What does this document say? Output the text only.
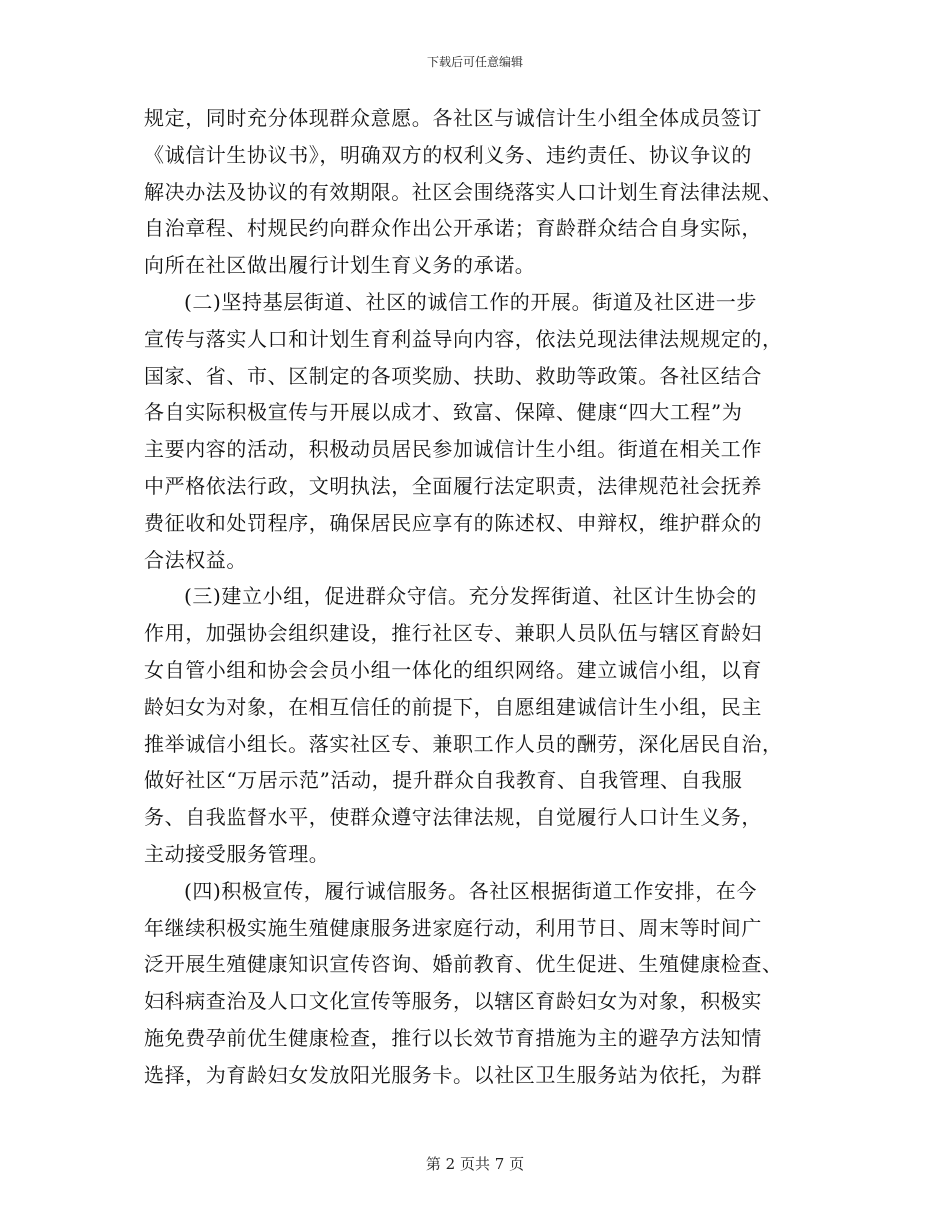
下载后可任意编辑
规定，同时充分体现群众意愿。各社区与诚信计生小组全体成员签订
《诚信计生协议书》，明确双方的权利义务、违约责任、协议争议的
解决办法及协议的有效期限。社区会围绕落实人口计划生育法律法规、
自治章程、村规民约向群众作出公开承诺；育龄群众结合自身实际，
向所在社区做出履行计划生育义务的承诺。
(二)坚持基层街道、社区的诚信工作的开展。街道及社区进一步
宣传与落实人口和计划生育利益导向内容，依法兑现法律法规规定的，
国家、省、市、区制定的各项奖励、扶助、救助等政策。各社区结合
各自实际积极宣传与开展以成才、致富、保障、健康“四大工程”为
主要内容的活动，积极动员居民参加诚信计生小组。街道在相关工作
中严格依法行政，文明执法，全面履行法定职责，法律规范社会抚养
费征收和处罚程序，确保居民应享有的陈述权、申辩权，维护群众的
合法权益。
(三)建立小组，促进群众守信。充分发挥街道、社区计生协会的
作用，加强协会组织建设，推行社区专、兼职人员队伍与辖区育龄妇
女自管小组和协会会员小组一体化的组织网络。建立诚信小组，以育
龄妇女为对象，在相互信任的前提下，自愿组建诚信计生小组，民主
推举诚信小组长。落实社区专、兼职工作人员的酬劳，深化居民自治，
做好社区“万居示范”活动，提升群众自我教育、自我管理、自我服
务、自我监督水平，使群众遵守法律法规，自觉履行人口计生义务，
主动接受服务管理。
(四)积极宣传，履行诚信服务。各社区根据街道工作安排，在今
年继续积极实施生殖健康服务进家庭行动，利用节日、周末等时间广
泛开展生殖健康知识宣传咨询、婚前教育、优生促进、生殖健康检查、
妇科病查治及人口文化宣传等服务，以辖区育龄妇女为对象，积极实
施免费孕前优生健康检查，推行以长效节育措施为主的避孕方法知情
选择，为育龄妇女发放阳光服务卡。以社区卫生服务站为依托，为群
第 2 页共 7 页
